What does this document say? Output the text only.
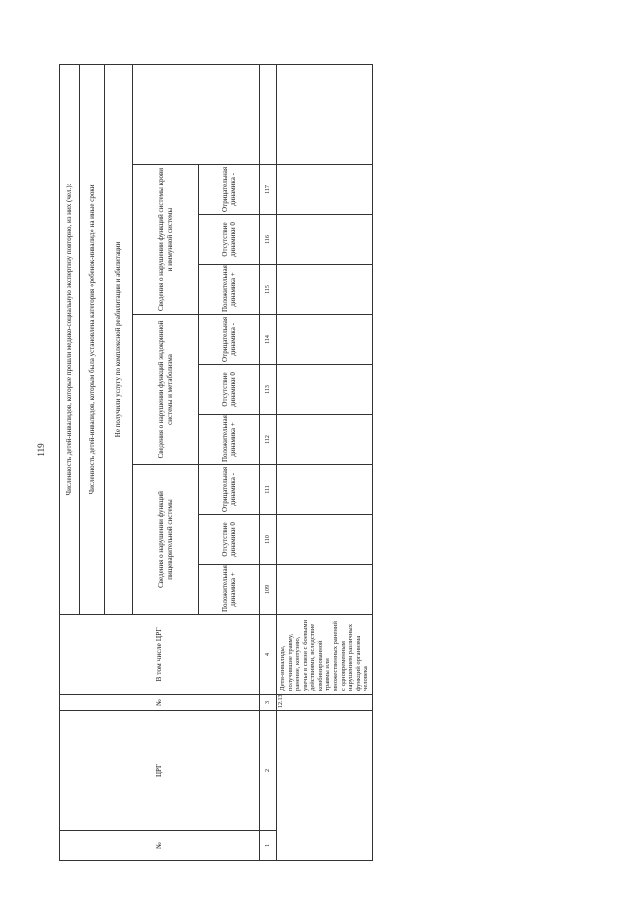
119
№	ЦРГ	№	В том числе ЦРГ	Численность детей-инвалидов, которые прошли медико-социальную экспертизу повторно, из них (чел.):									
				Численность детей-инвалидов, которым была установлена категория «ребенок-инвалид» на иные сроки									
				Не получили услугу по комплексной реабилитации и абилитации									
				Сведения о нарушении функций пищеварительной системы			Сведения о нарушении функций эндокринной системы и метаболизма			Сведения о нарушении функций системы крови и иммунной системы			
				Положительная динамика +	Отсутствие динамики 0	Отрицательная динамика -	Положительная динамика +	Отсутствие динамики 0	Отрицательная динамика -	Положительная динамика +	Отсутствие динамики 0	Отрицательная динамика -	
1	2	3	4	109	110	111	112	113	114	115	116	117	
		12.13	Дети-инвалиды, получившие травму, ранение, контузию, увечье в связи с боевыми действиями, вследствие комбинированной травмы или множественных ранений с одновременным нарушением различных функций организма человека										
